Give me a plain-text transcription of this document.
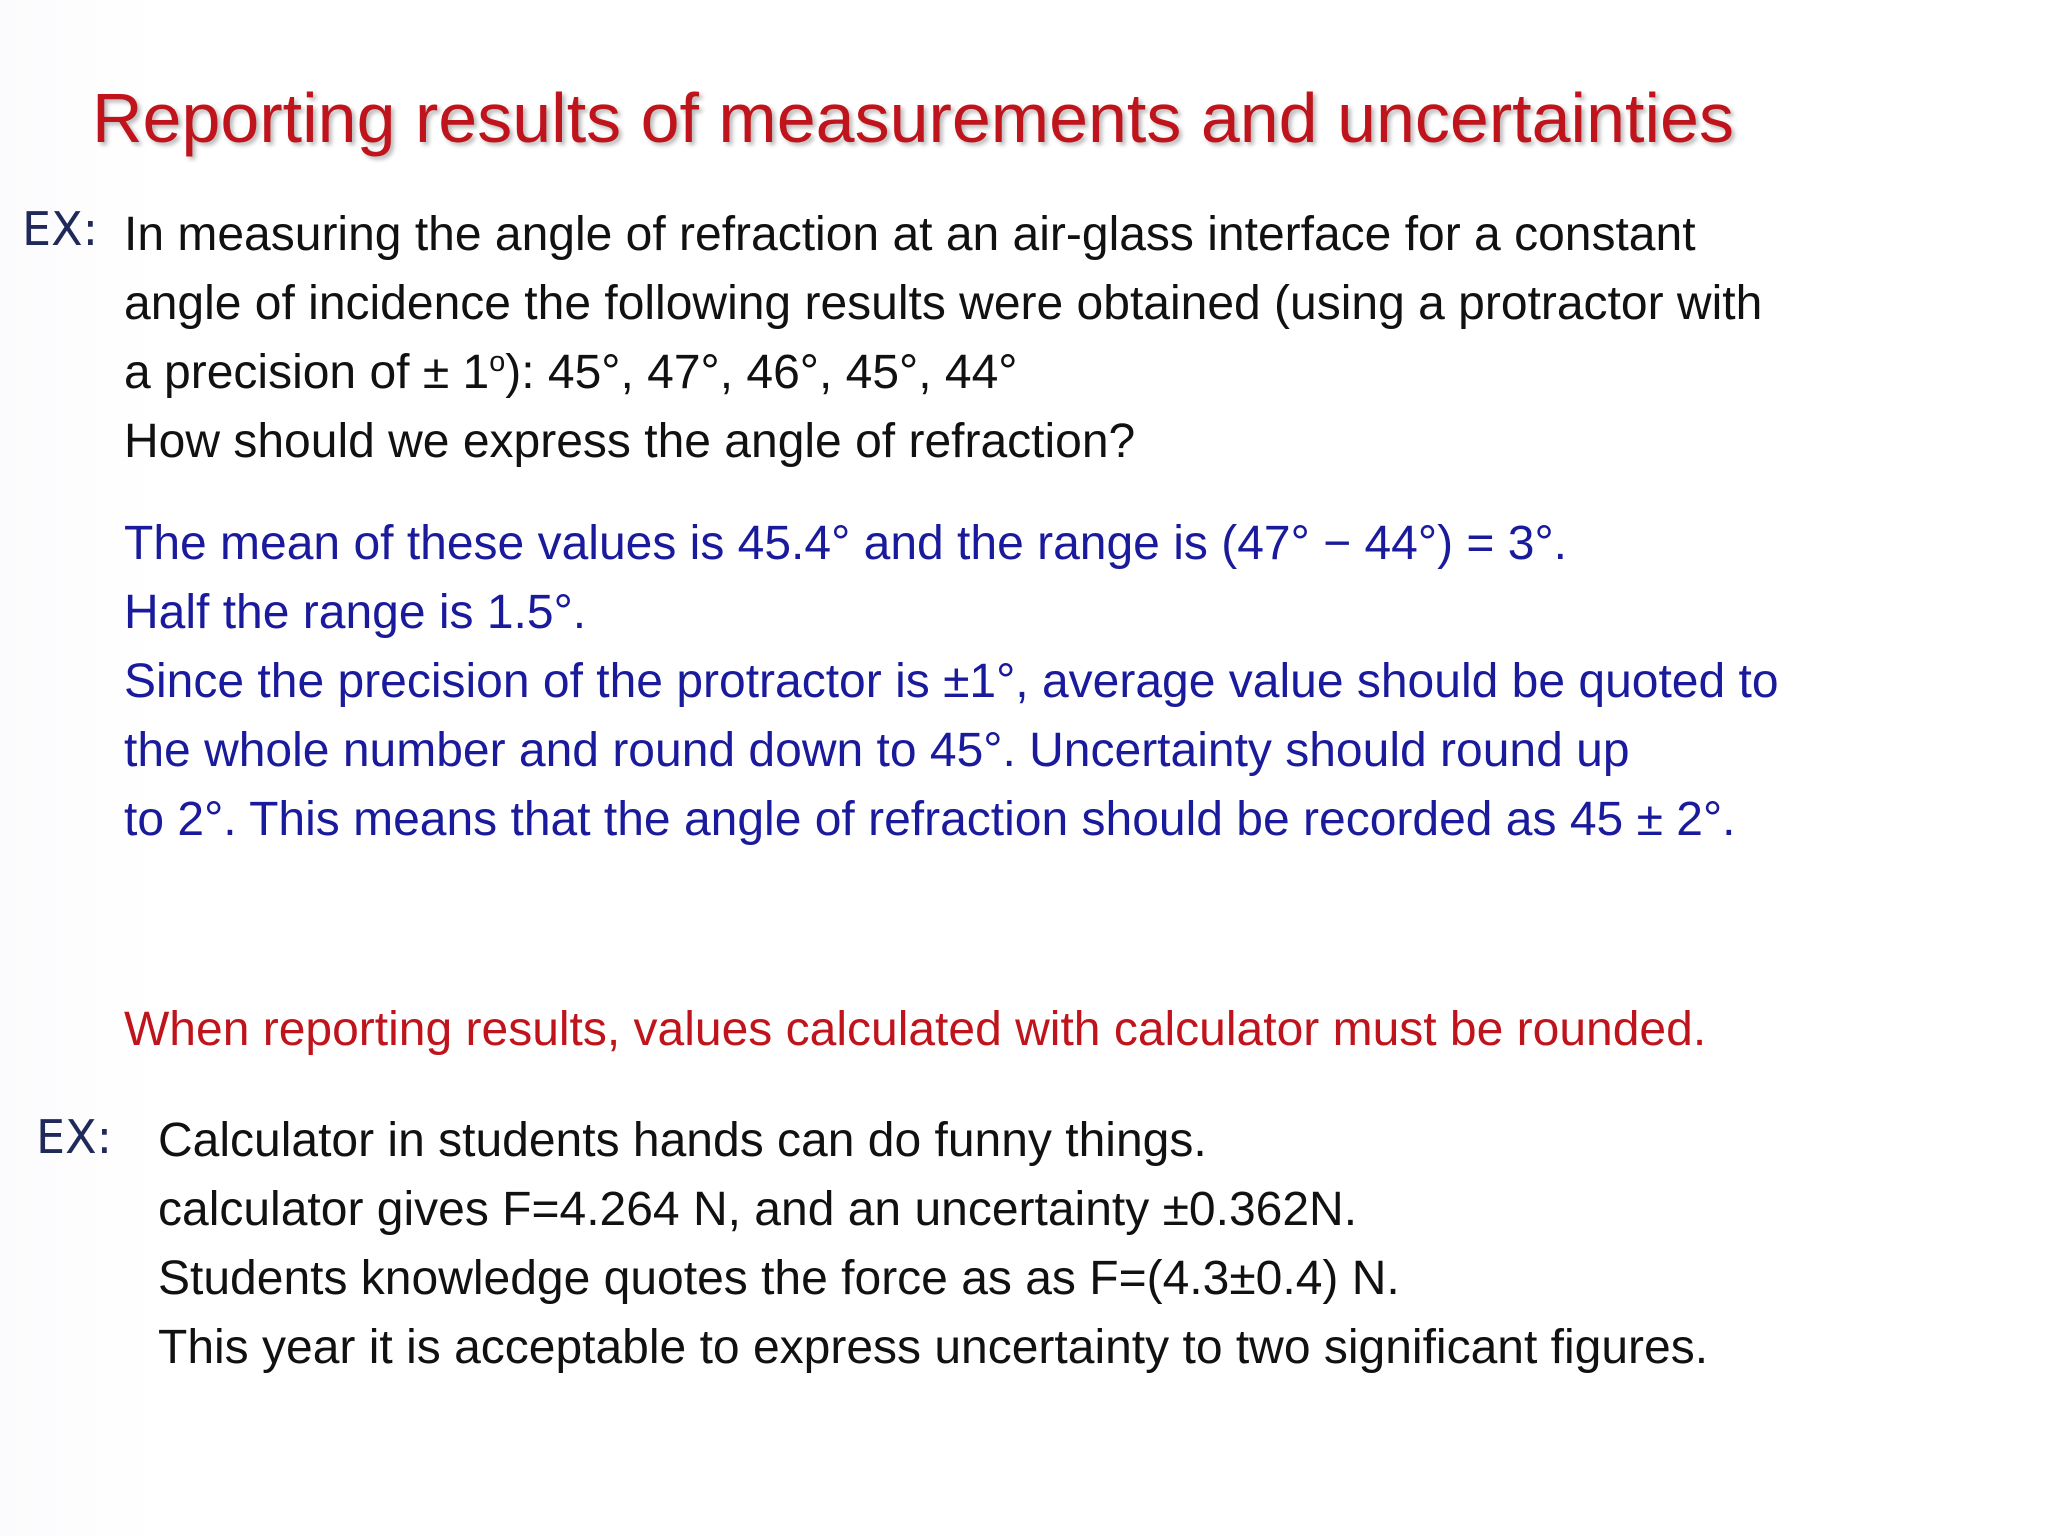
Reporting results of measurements and uncertainties
EX: In measuring the angle of refraction at an air-glass interface for a constant
angle of incidence the following results were obtained (using a protractor with
a precision of ± $1^o$): 45°, 47°, 46°, 45°, 44°
How should we express the angle of refraction?
The mean of these values is 45.4° and the range is (47° − 44°) = 3°.
Half the range is 1.5°.
Since the precision of the protractor is ±1°, average value should be quoted to
the whole number and round down to 45°. Uncertainty should round up
to 2°. This means that the angle of refraction should be recorded as 45 ± 2°.
When reporting results, values calculated with calculator must be rounded.
EX: Calculator in students hands can do funny things.
calculator gives F=4.264 N, and an uncertainty ±0.362N.
Students knowledge quotes the force as as F=(4.3±0.4) N.
This year it is acceptable to express uncertainty to two significant figures.
